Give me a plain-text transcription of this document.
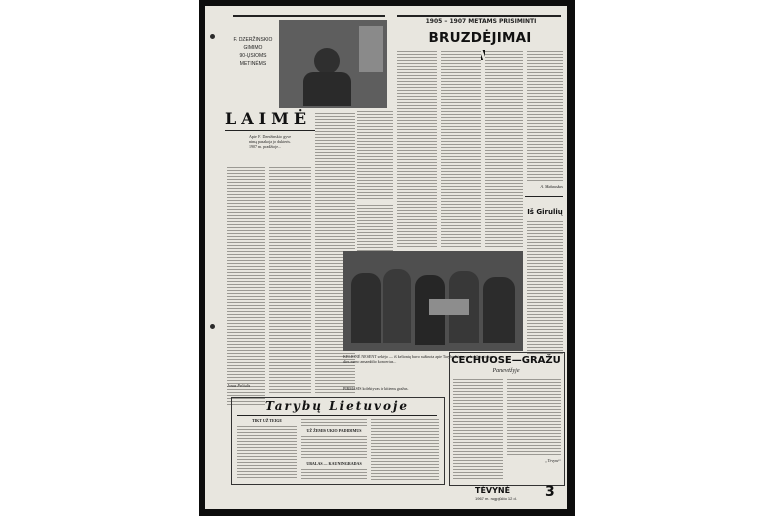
F. DZERŽINSKIO
GIMIMO
90-ŲSIOMS
METINĖMS
LAIMĖ
Apie F. Dzeržinskio gyvenimą pasakoja jo dukteris. 1907 m. pradžioje...
Jonas Pečiulis
1905 – 1907 METAMS PRISIMINTI
BRUZDĖJIMAI
A. Makauskas
Iš Girulių
KELIONĖ NESENT sekėjo — iš kelionių buvo sužinota apie Tarybų Lietuvos kolūkių ir liaudies meno ansamblio koncertus...
PIRMASIS kolektyvas ir kitiems gražus.
Tarybų Lietuvoje
TIKT UŽ TEIGE
UŽ ŽEMIS UKIO PADIDIMUS
UBALAS — KAUNINGRADAS
CECHUOSE—GRAŽU
Panevėžyje
„Tėvynė“
TĖVYNĖ
1967 m. rugpjūčio 12 d. 3
